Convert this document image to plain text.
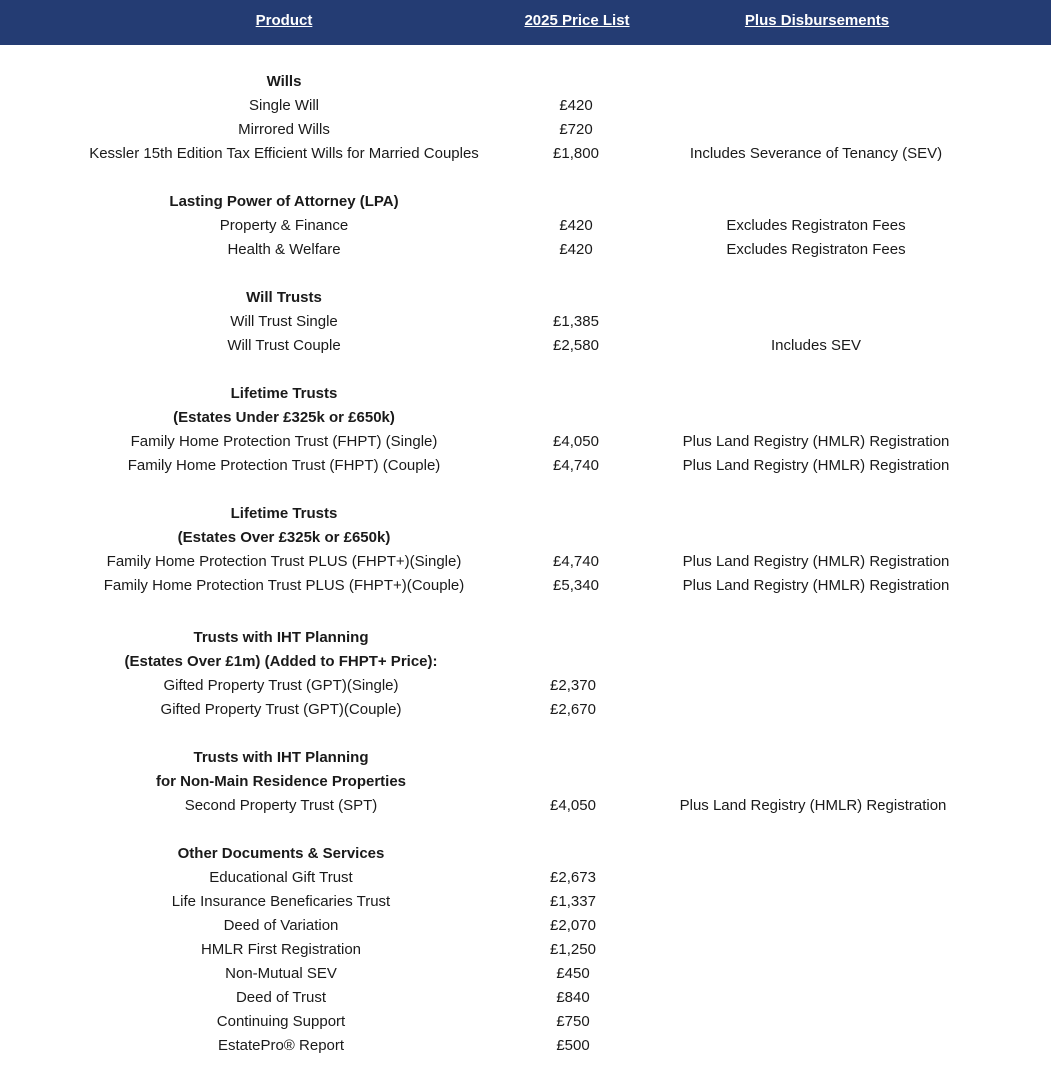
Product	2025 Price List	Plus Disbursements
Wills
Single Will	£420
Mirrored Wills	£720
Kessler 15th Edition Tax Efficient Wills for Married Couples	£1,800	Includes Severance of Tenancy (SEV)
Lasting Power of Attorney (LPA)
Property & Finance	£420	Excludes Registraton Fees
Health & Welfare	£420	Excludes Registraton Fees
Will Trusts
Will Trust Single	£1,385
Will Trust Couple	£2,580	Includes SEV
Lifetime Trusts
(Estates Under £325k or £650k)
Family Home Protection Trust (FHPT) (Single)	£4,050	Plus Land Registry (HMLR) Registration
Family Home Protection Trust (FHPT) (Couple)	£4,740	Plus Land Registry (HMLR) Registration
Lifetime Trusts
(Estates Over £325k or £650k)
Family Home Protection Trust PLUS (FHPT+)(Single)	£4,740	Plus Land Registry (HMLR) Registration
Family Home Protection Trust PLUS (FHPT+)(Couple)	£5,340	Plus Land Registry (HMLR) Registration
Trusts with IHT Planning
(Estates Over £1m) (Added to FHPT+ Price):
Gifted Property Trust (GPT)(Single)	£2,370
Gifted Property Trust (GPT)(Couple)	£2,670
Trusts with IHT Planning
for Non-Main Residence Properties
Second Property Trust (SPT)	£4,050	Plus Land Registry (HMLR) Registration
Other Documents & Services
Educational Gift Trust	£2,673
Life Insurance Beneficaries Trust	£1,337
Deed of Variation	£2,070
HMLR First Registration	£1,250
Non-Mutual SEV	£450
Deed of Trust	£840
Continuing Support	£750
EstatePro® Report	£500
